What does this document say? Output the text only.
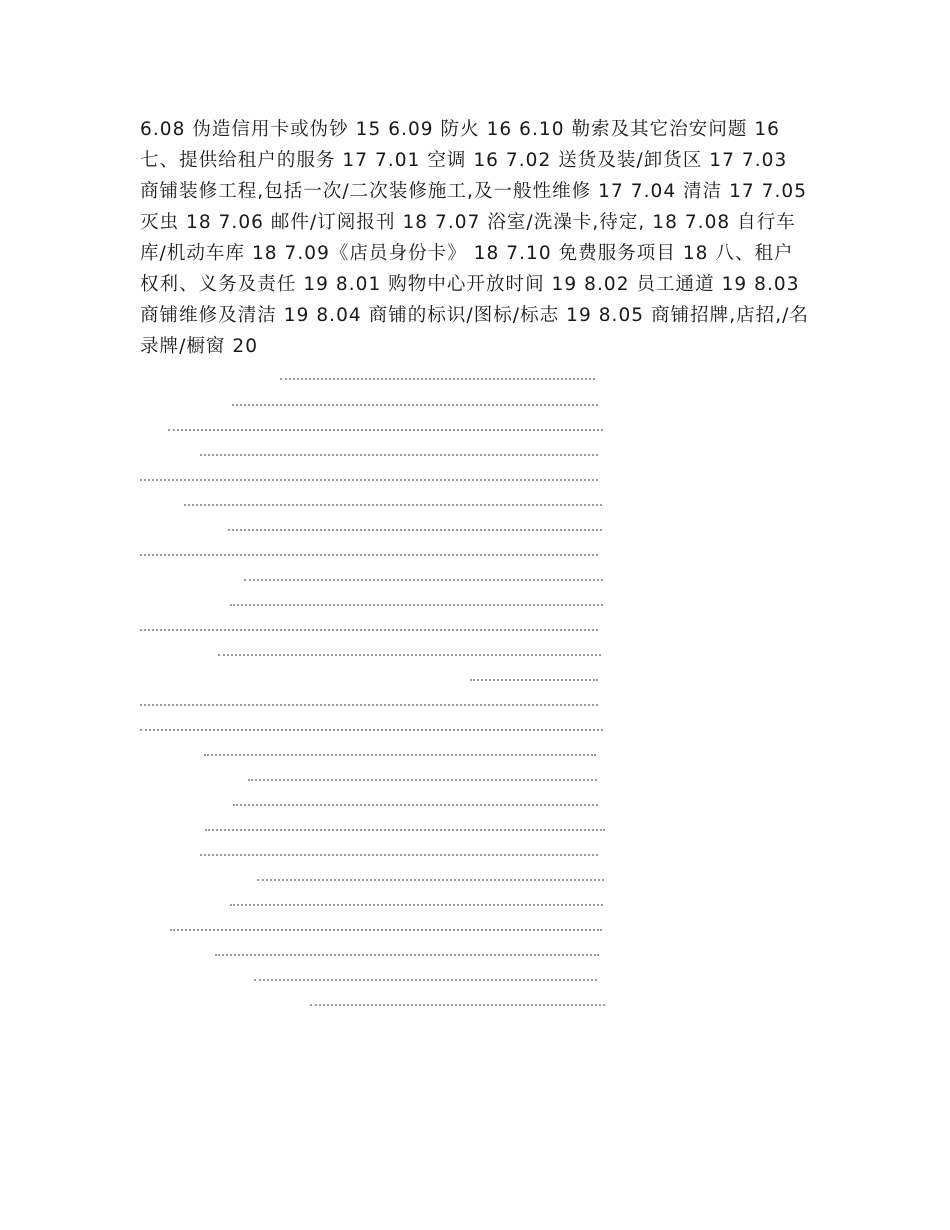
6.08 伪造信用卡或伪钞 15 6.09 防火 16 6.10 勒索及其它治安问题 16 七、提供给租户的服务 17 7.01 空调 16 7.02 送货及装/卸货区 17 7.03 商铺装修工程,包括一次/二次装修施工,及一般性维修 17 7.04 清洁 17 7.05 灭虫 18 7.06 邮件/订阅报刊 18 7.07 浴室/洗澡卡,待定, 18 7.08 自行车库/机动车库 18 7.09《店员身份卡》 18 7.10 免费服务项目 18 八、租户权利、义务及责任 19 8.01 购物中心开放时间 19 8.02 员工通道 19 8.03 商铺维修及清洁 19 8.04 商铺的标识/图标/标志 19 8.05 商铺招牌,店招,/名录牌/橱窗 20
